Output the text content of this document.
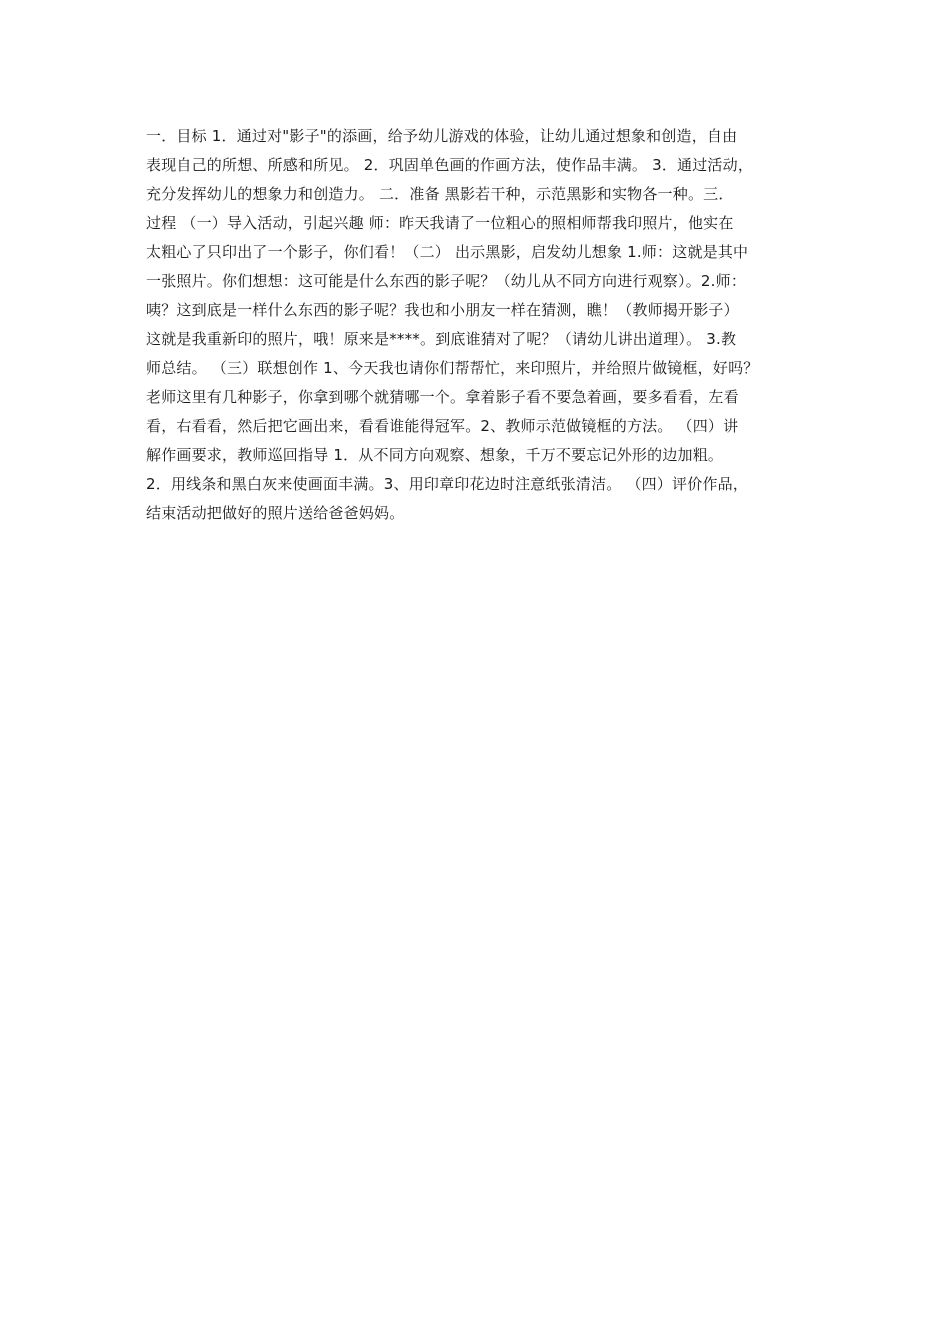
一．目标 1．通过对"影子"的添画，给予幼儿游戏的体验，让幼儿通过想象和创造，自由
表现自己的所想、所感和所见。 2．巩固单色画的作画方法，使作品丰满。 3．通过活动，
充分发挥幼儿的想象力和创造力。 二．准备 黑影若干种，示范黑影和实物各一种。三．
过程 （一）导入活动，引起兴趣 师：昨天我请了一位粗心的照相师帮我印照片，他实在
太粗心了只印出了一个影子，你们看！（二） 出示黑影，启发幼儿想象 1.师：这就是其中
一张照片。你们想想：这可能是什么东西的影子呢？（幼儿从不同方向进行观察）。2.师：
咦？这到底是一样什么东西的影子呢？我也和小朋友一样在猜测，瞧！（教师揭开影子）
这就是我重新印的照片，哦！原来是****。到底谁猜对了呢？（请幼儿讲出道理）。 3.教
师总结。 （三）联想创作 1、今天我也请你们帮帮忙，来印照片，并给照片做镜框，好吗？
老师这里有几种影子，你拿到哪个就猜哪一个。拿着影子看不要急着画，要多看看，左看
看，右看看，然后把它画出来，看看谁能得冠军。2、教师示范做镜框的方法。 （四）讲
解作画要求，教师巡回指导 1．从不同方向观察、想象，千万不要忘记外形的边加粗。
2．用线条和黑白灰来使画面丰满。3、用印章印花边时注意纸张清洁。 （四）评价作品，
结束活动把做好的照片送给爸爸妈妈。
